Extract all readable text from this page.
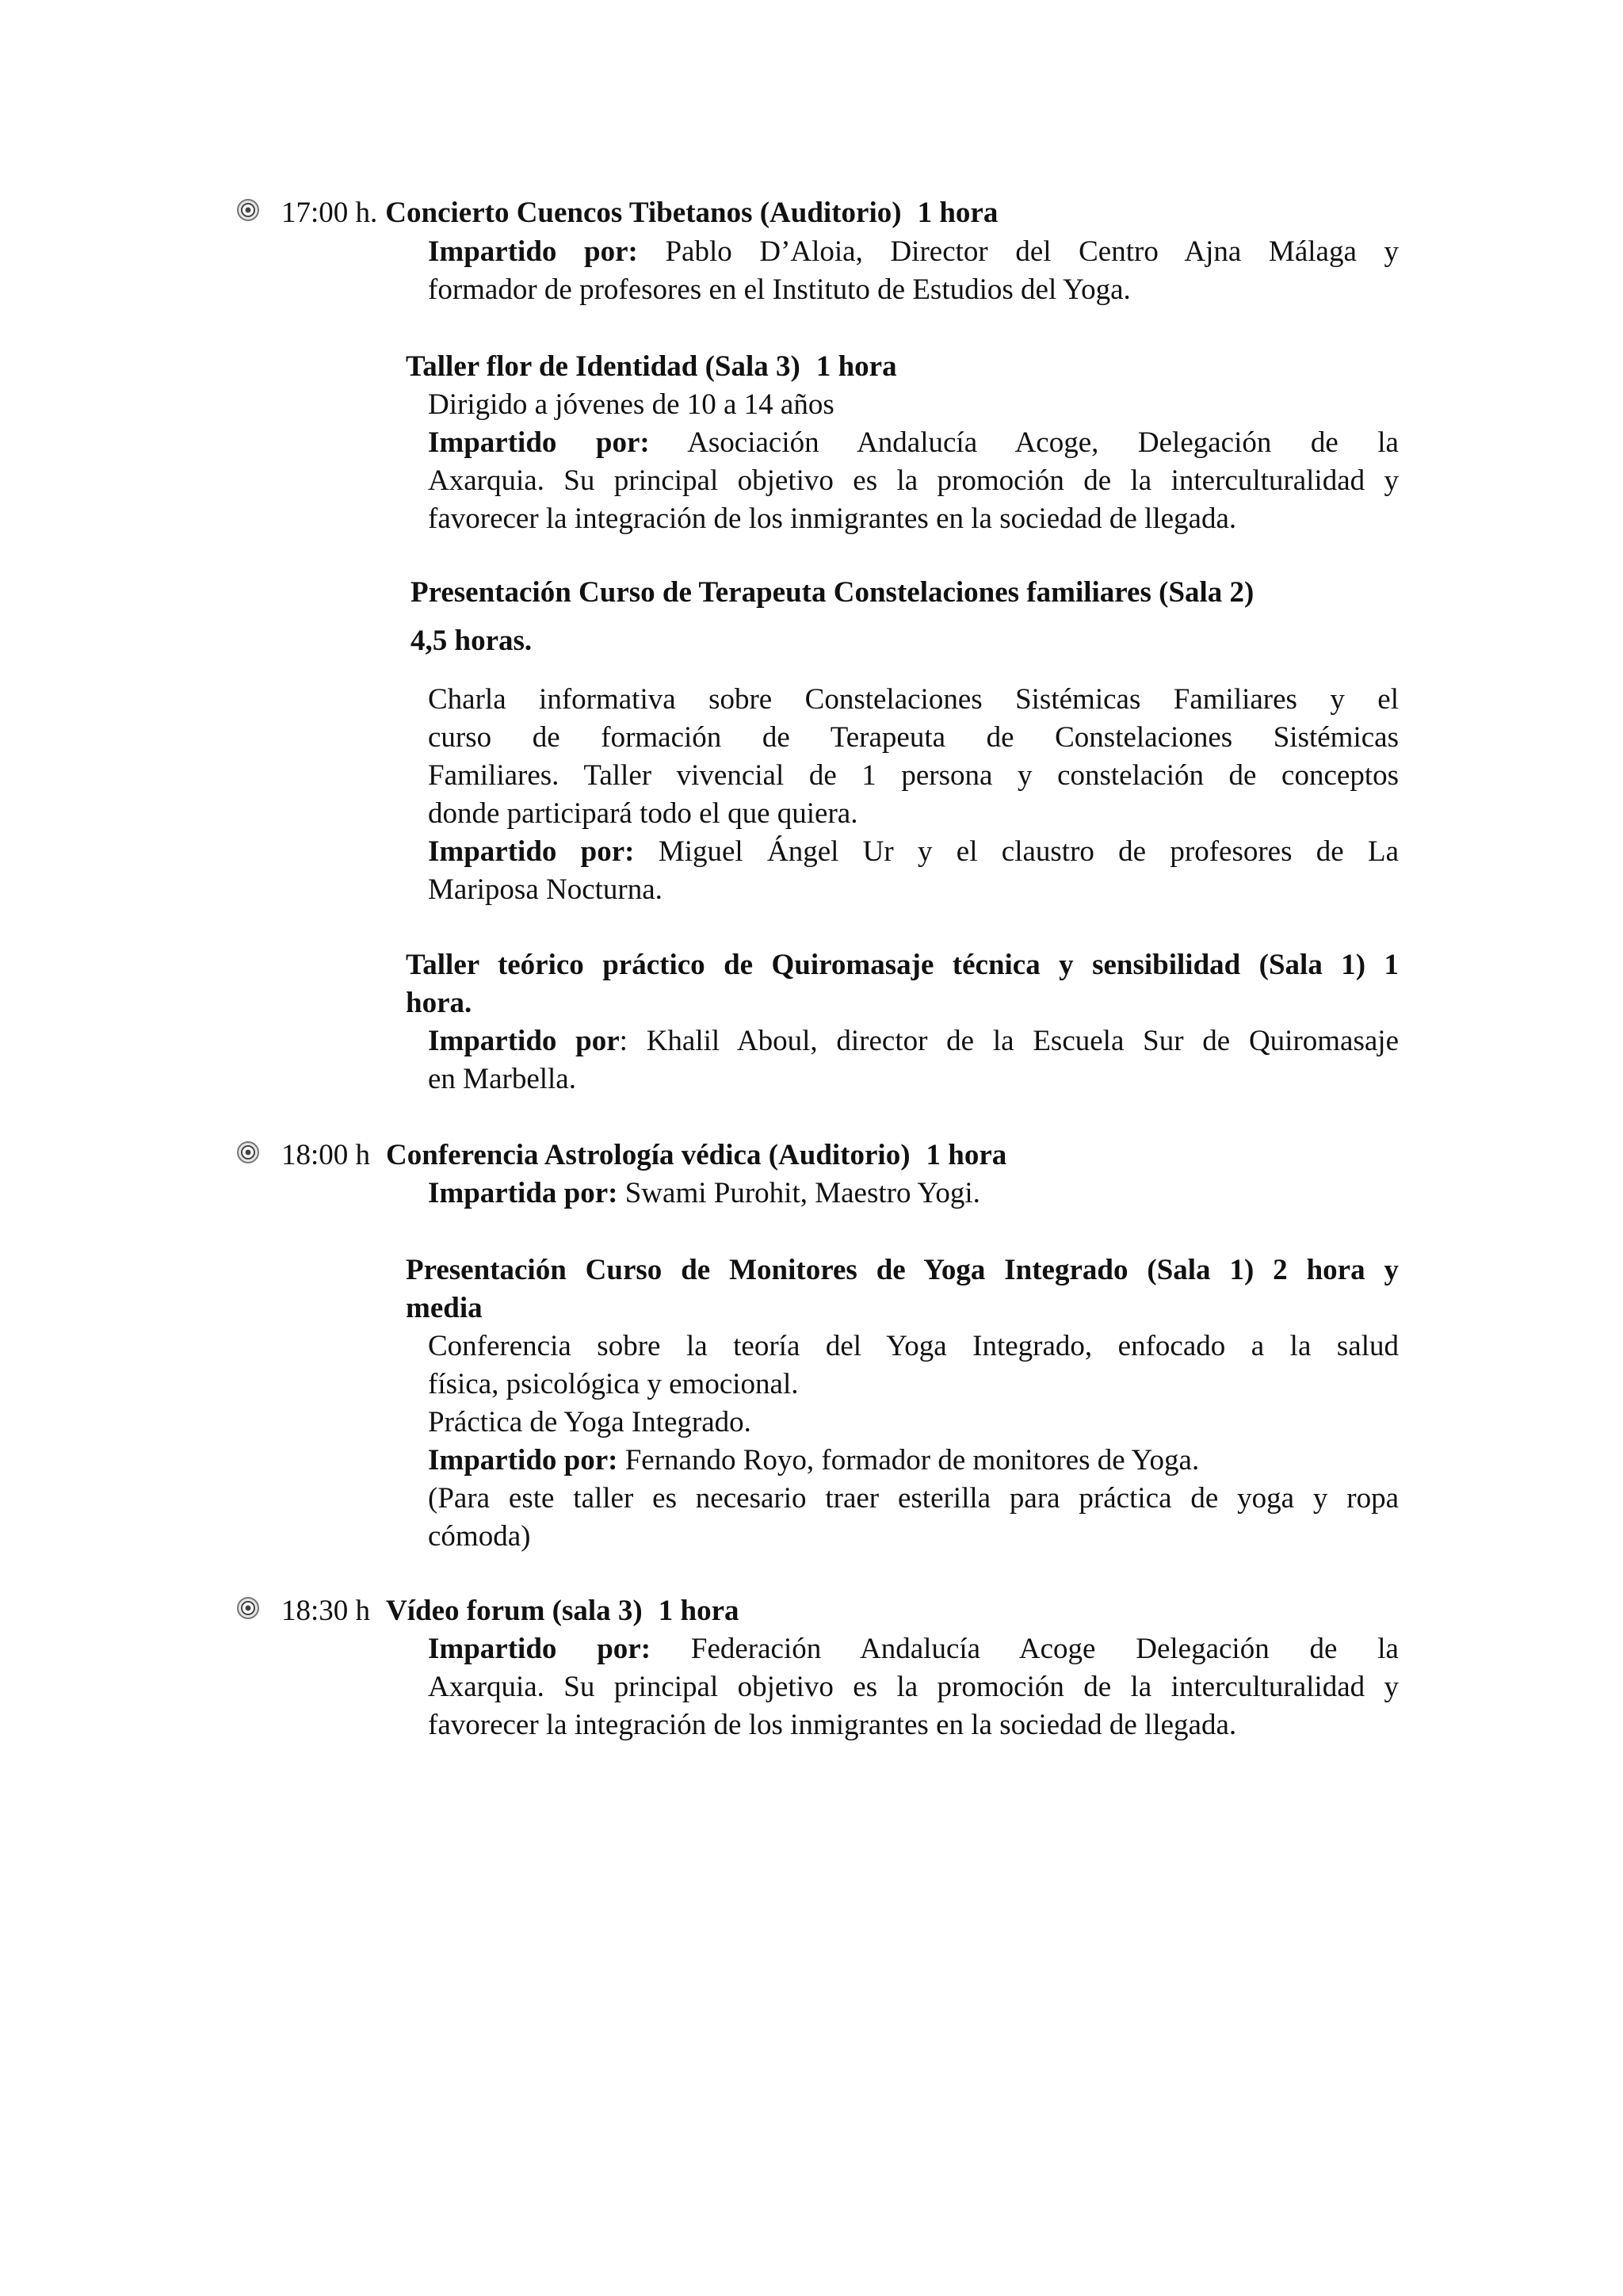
17:00 h. Concierto Cuencos Tibetanos (Auditorio) 1 hora
Impartido por: Pablo D’Aloia, Director del Centro Ajna Málaga y
formador de profesores en el Instituto de Estudios del Yoga.
Taller flor de Identidad (Sala 3) 1 hora
Dirigido a jóvenes de 10 a 14 años
Impartido por: Asociación Andalucía Acoge, Delegación de la
Axarquia. Su principal objetivo es la promoción de la interculturalidad y
favorecer la integración de los inmigrantes en la sociedad de llegada.
Presentación Curso de Terapeuta Constelaciones familiares (Sala 2)
4,5 horas.
Charla informativa sobre Constelaciones Sistémicas Familiares y el
curso de formación de Terapeuta de Constelaciones Sistémicas
Familiares. Taller vivencial de 1 persona y constelación de conceptos
donde participará todo el que quiera.
Impartido por: Miguel Ángel Ur y el claustro de profesores de La
Mariposa Nocturna.
Taller teórico práctico de Quiromasaje técnica y sensibilidad (Sala 1) 1
hora.
Impartido por: Khalil Aboul, director de la Escuela Sur de Quiromasaje
en Marbella.
18:00 h Conferencia Astrología védica (Auditorio) 1 hora
Impartida por: Swami Purohit, Maestro Yogi.
Presentación Curso de Monitores de Yoga Integrado (Sala 1) 2 hora y
media
Conferencia sobre la teoría del Yoga Integrado, enfocado a la salud
física, psicológica y emocional.
Práctica de Yoga Integrado.
Impartido por: Fernando Royo, formador de monitores de Yoga.
(Para este taller es necesario traer esterilla para práctica de yoga y ropa
cómoda)
18:30 h Vídeo forum (sala 3) 1 hora
Impartido por: Federación Andalucía Acoge Delegación de la
Axarquia. Su principal objetivo es la promoción de la interculturalidad y
favorecer la integración de los inmigrantes en la sociedad de llegada.
